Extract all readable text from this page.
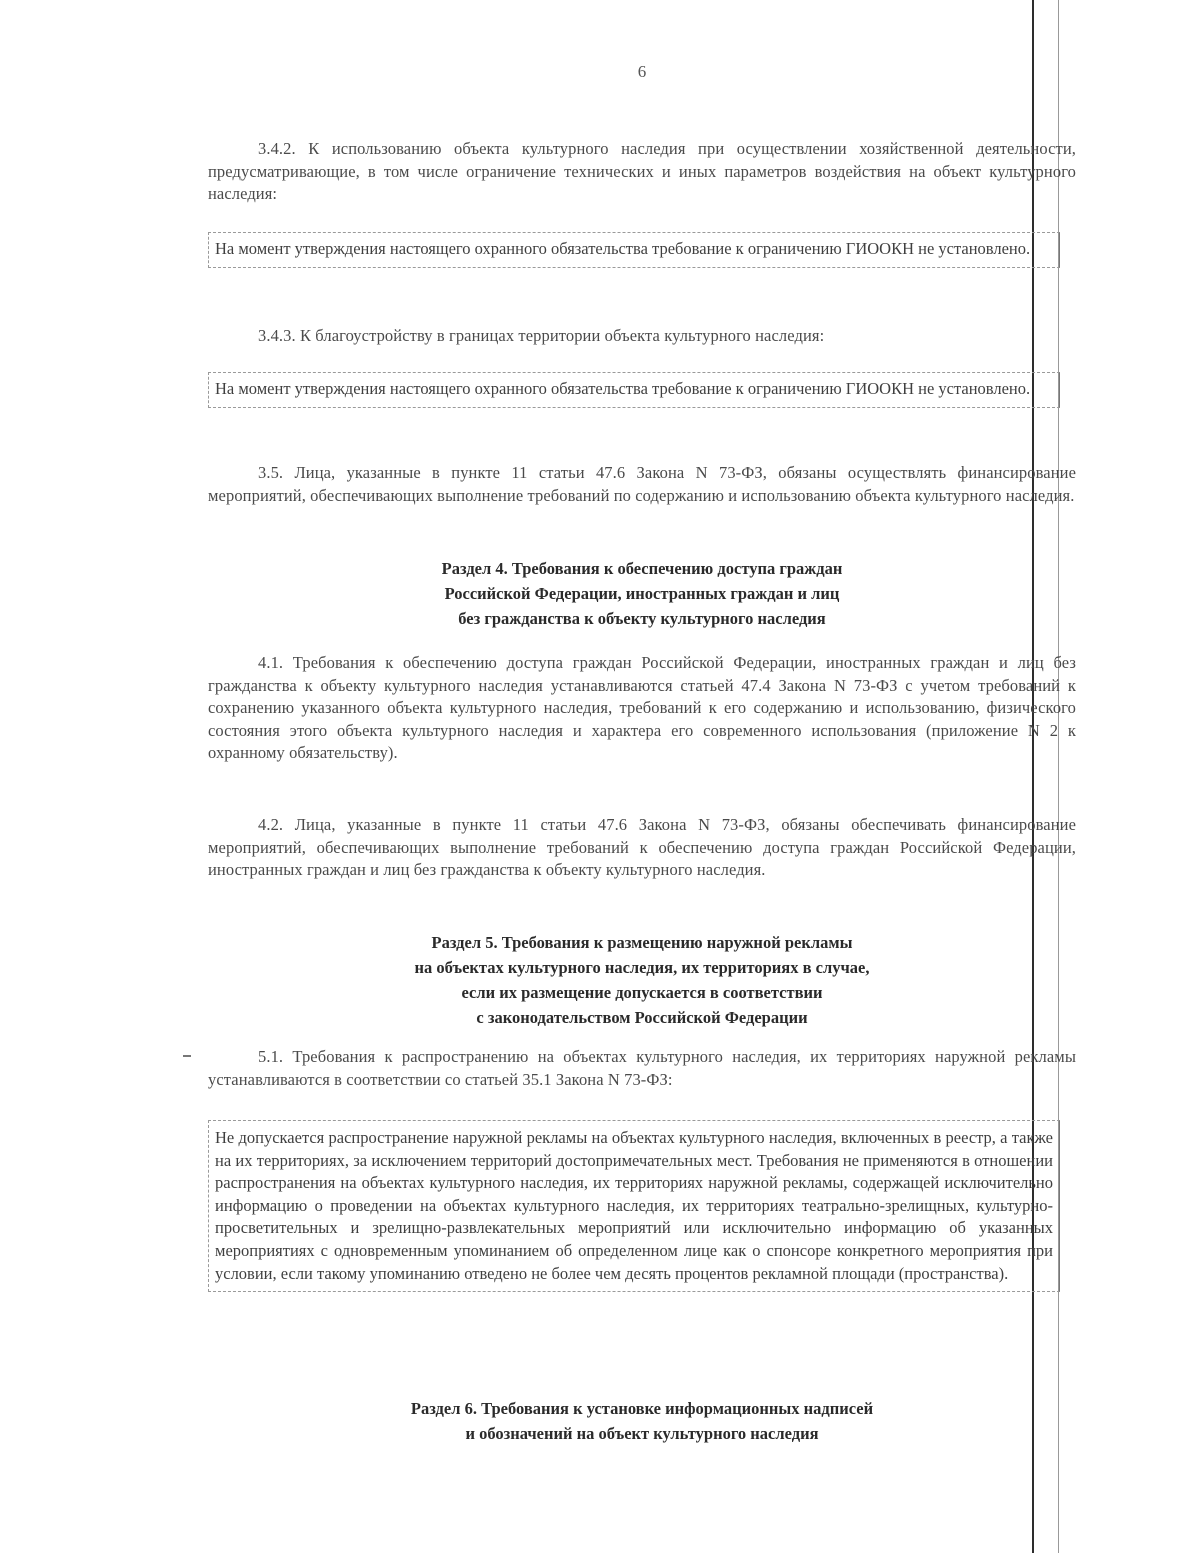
6
3.4.2. К использованию объекта культурного наследия при осуществлении хозяйственной деятельности, предусматривающие, в том числе ограничение технических и иных параметров воздействия на объект культурного наследия:
На момент утверждения настоящего охранного обязательства требование к ограничению ГИООКН не установлено.
3.4.3. К благоустройству в границах территории объекта культурного наследия:
На момент утверждения настоящего охранного обязательства требование к ограничению ГИООКН не установлено.
3.5. Лица, указанные в пункте 11 статьи 47.6 Закона N 73-ФЗ, обязаны осуществлять финансирование мероприятий, обеспечивающих выполнение требований по содержанию и использованию объекта культурного наследия.
Раздел 4. Требования к обеспечению доступа граждан
Российской Федерации, иностранных граждан и лиц
без гражданства к объекту культурного наследия
4.1. Требования к обеспечению доступа граждан Российской Федерации, иностранных граждан и лиц без гражданства к объекту культурного наследия устанавливаются статьей 47.4 Закона N 73-ФЗ с учетом требований к сохранению указанного объекта культурного наследия, требований к его содержанию и использованию, физического состояния этого объекта культурного наследия и характера его современного использования (приложение N 2 к охранному обязательству).
4.2. Лица, указанные в пункте 11 статьи 47.6 Закона N 73-ФЗ, обязаны обеспечивать финансирование мероприятий, обеспечивающих выполнение требований к обеспечению доступа граждан Российской Федерации, иностранных граждан и лиц без гражданства к объекту культурного наследия.
Раздел 5. Требования к размещению наружной рекламы
на объектах культурного наследия, их территориях в случае,
если их размещение допускается в соответствии
с законодательством Российской Федерации
5.1. Требования к распространению на объектах культурного наследия, их территориях наружной рекламы устанавливаются в соответствии со статьей 35.1 Закона N 73-ФЗ:
Не допускается распространение наружной рекламы на объектах культурного наследия, включенных в реестр, а также на их территориях, за исключением территорий достопримечательных мест. Требования не применяются в отношении распространения на объектах культурного наследия, их территориях наружной рекламы, содержащей исключительно информацию о проведении на объектах культурного наследия, их территориях театрально-зрелищных, культурно-просветительных и зрелищно-развлекательных мероприятий или исключительно информацию об указанных мероприятиях с одновременным упоминанием об определенном лице как о спонсоре конкретного мероприятия при условии, если такому упоминанию отведено не более чем десять процентов рекламной площади (пространства).
Раздел 6. Требования к установке информационных надписей
и обозначений на объект культурного наследия
